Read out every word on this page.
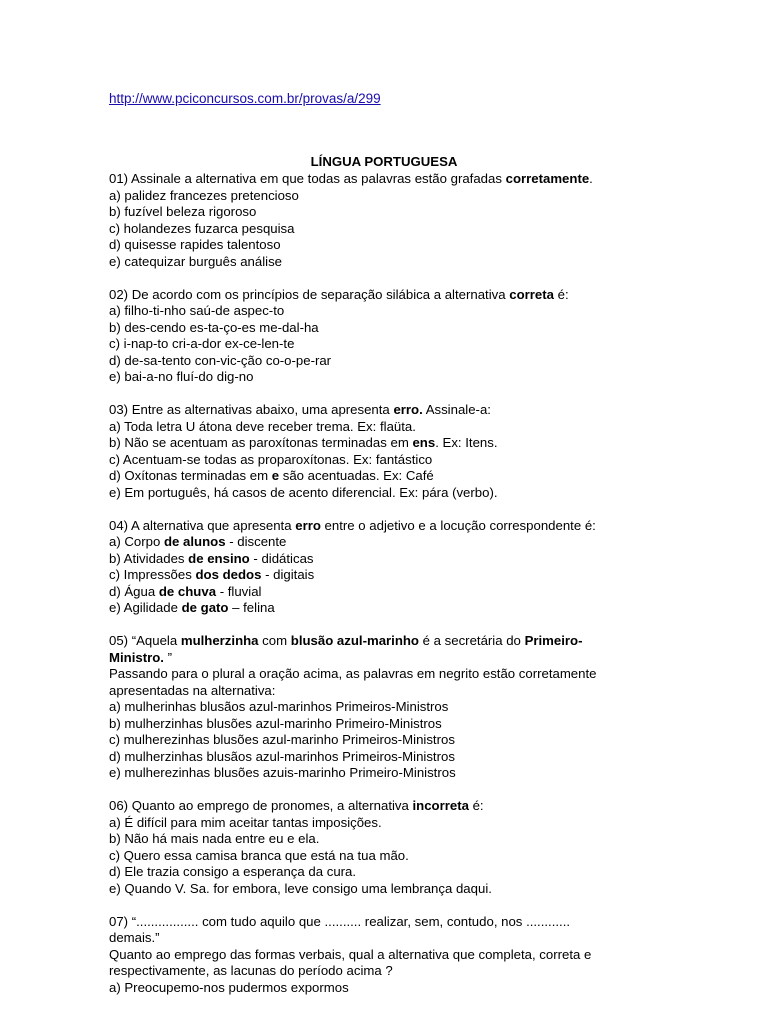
http://www.pciconcursos.com.br/provas/a/299
LÍNGUA PORTUGUESA
01) Assinale a alternativa em que todas as palavras estão grafadas corretamente.
a) palidez francezes pretencioso
b) fuzível beleza rigoroso
c) holandezes fuzarca pesquisa
d) quisesse rapides talentoso
e) catequizar burguês análise
02) De acordo com os princípios de separação silábica a alternativa correta é:
a) filho-ti-nho saú-de aspec-to
b) des-cendo es-ta-ço-es me-dal-ha
c) i-nap-to cri-a-dor ex-ce-len-te
d) de-sa-tento con-vic-ção co-o-pe-rar
e) bai-a-no fluí-do dig-no
03) Entre as alternativas abaixo, uma apresenta erro. Assinale-a:
a) Toda letra U átona deve receber trema. Ex: flaüta.
b) Não se acentuam as paroxítonas terminadas em ens. Ex: Itens.
c) Acentuam-se todas as proparoxítonas. Ex: fantástico
d) Oxítonas terminadas em e são acentuadas. Ex: Café
e) Em português, há casos de acento diferencial. Ex: pára (verbo).
04) A alternativa que apresenta erro entre o adjetivo e a locução correspondente é:
a) Corpo de alunos - discente
b) Atividades de ensino - didáticas
c) Impressões dos dedos - digitais
d) Água de chuva - fluvial
e) Agilidade de gato – felina
05) “Aquela mulherzinha com blusão azul-marinho é a secretária do Primeiro-
Ministro. ”
Passando para o plural a oração acima, as palavras em negrito estão corretamente
apresentadas na alternativa:
a) mulherinhas blusãos azul-marinhos Primeiros-Ministros
b) mulherzinhas blusões azul-marinho Primeiro-Ministros
c) mulherezinhas blusões azul-marinho Primeiros-Ministros
d) mulherzinhas blusãos azul-marinhos Primeiros-Ministros
e) mulherezinhas blusões azuis-marinho Primeiro-Ministros
06) Quanto ao emprego de pronomes, a alternativa incorreta é:
a) É difícil para mim aceitar tantas imposições.
b) Não há mais nada entre eu e ela.
c) Quero essa camisa branca que está na tua mão.
d) Ele trazia consigo a esperança da cura.
e) Quando V. Sa. for embora, leve consigo uma lembrança daqui.
07) “................. com tudo aquilo que .......... realizar, sem, contudo, nos ............
demais.”
Quanto ao emprego das formas verbais, qual a alternativa que completa, correta e
respectivamente, as lacunas do período acima ?
a) Preocupemo-nos pudermos expormos
